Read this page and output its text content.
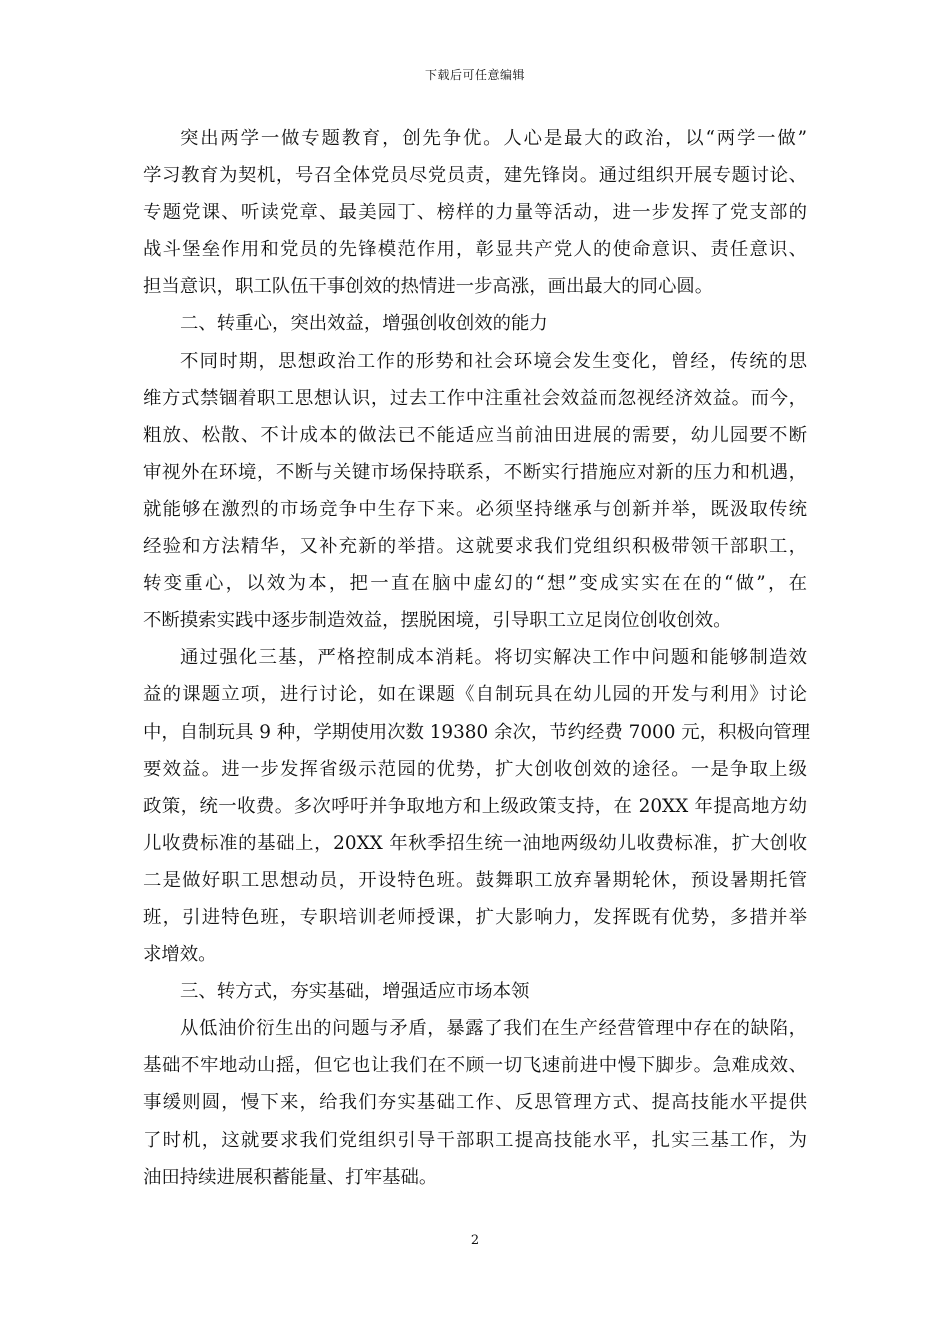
下载后可任意编辑
突出两学一做专题教育，创先争优。人心是最大的政治，以“两学一做”
学习教育为契机，号召全体党员尽党员责，建先锋岗。通过组织开展专题讨论、
专题党课、听读党章、最美园丁、榜样的力量等活动，进一步发挥了党支部的
战斗堡垒作用和党员的先锋模范作用，彰显共产党人的使命意识、责任意识、
担当意识，职工队伍干事创效的热情进一步高涨，画出最大的同心圆。
二、转重心，突出效益，增强创收创效的能力
不同时期，思想政治工作的形势和社会环境会发生变化，曾经，传统的思
维方式禁锢着职工思想认识，过去工作中注重社会效益而忽视经济效益。而今，
粗放、松散、不计成本的做法已不能适应当前油田进展的需要，幼儿园要不断
审视外在环境，不断与关键市场保持联系，不断实行措施应对新的压力和机遇，
就能够在激烈的市场竞争中生存下来。必须坚持继承与创新并举，既汲取传统
经验和方法精华，又补充新的举措。这就要求我们党组织积极带领干部职工，
转变重心，以效为本，把一直在脑中虚幻的“想”变成实实在在的“做”，在
不断摸索实践中逐步制造效益，摆脱困境，引导职工立足岗位创收创效。
通过强化三基，严格控制成本消耗。将切实解决工作中问题和能够制造效
益的课题立项，进行讨论，如在课题《自制玩具在幼儿园的开发与利用》讨论
中，自制玩具 9 种，学期使用次数 19380 余次，节约经费 7000 元，积极向管理
要效益。进一步发挥省级示范园的优势，扩大创收创效的途径。一是争取上级
政策，统一收费。多次呼吁并争取地方和上级政策支持，在 20XX 年提高地方幼
儿收费标准的基础上，20XX 年秋季招生统一油地两级幼儿收费标准，扩大创收
二是做好职工思想动员，开设特色班。鼓舞职工放弃暑期轮休，预设暑期托管
班，引进特色班，专职培训老师授课，扩大影响力，发挥既有优势，多措并举
求增效。
三、转方式，夯实基础，增强适应市场本领
从低油价衍生出的问题与矛盾，暴露了我们在生产经营管理中存在的缺陷，
基础不牢地动山摇，但它也让我们在不顾一切飞速前进中慢下脚步。急难成效、
事缓则圆，慢下来，给我们夯实基础工作、反思管理方式、提高技能水平提供
了时机，这就要求我们党组织引导干部职工提高技能水平，扎实三基工作，为
油田持续进展积蓄能量、打牢基础。
2
